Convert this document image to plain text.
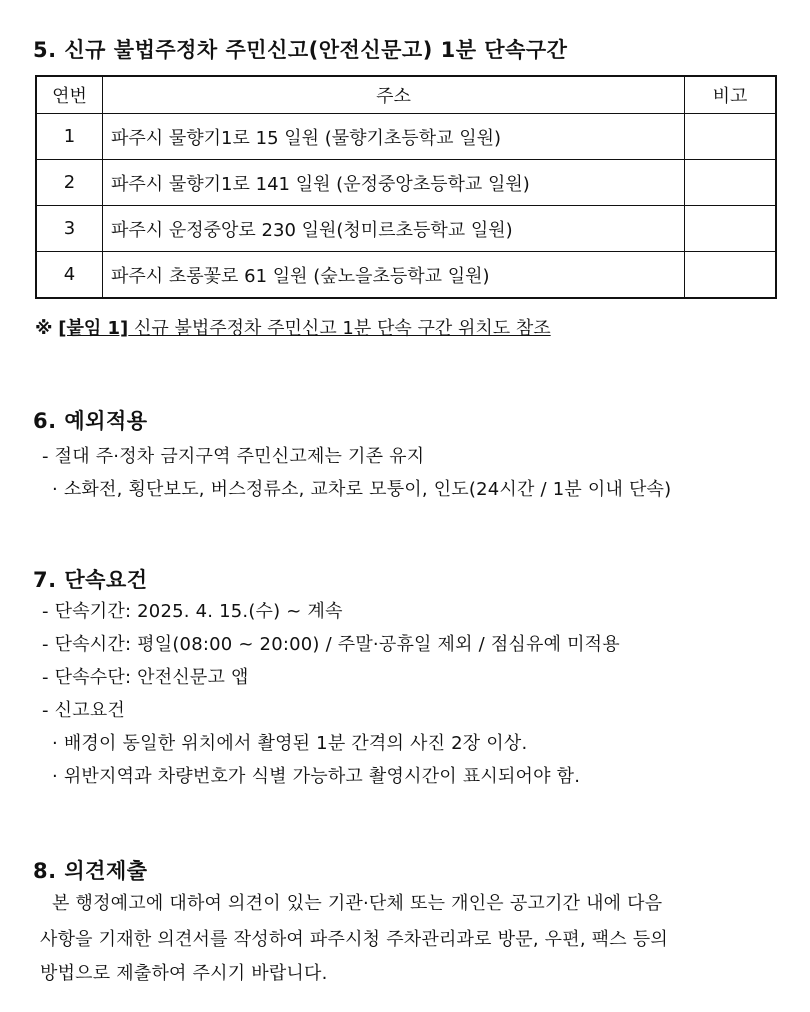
5. 신규 불법주정차 주민신고(안전신문고) 1분 단속구간
연번	주소	비고
1	파주시 물향기1로 15 일원 (물향기초등학교 일원)	
2	파주시 물향기1로 141 일원 (운정중앙초등학교 일원)	
3	파주시 운정중앙로 230 일원(청미르초등학교 일원)	
4	파주시 초롱꽃로 61 일원 (숲노을초등학교 일원)	
※ [붙임 1] 신규 불법주정차 주민신고 1분 단속 구간 위치도 참조
6. 예외적용
- 절대 주·정차 금지구역 주민신고제는 기존 유지
· 소화전, 횡단보도, 버스정류소, 교차로 모퉁이, 인도(24시간 / 1분 이내 단속)
7. 단속요건
- 단속기간: 2025. 4. 15.(수) ~ 계속
- 단속시간: 평일(08:00 ~ 20:00) / 주말·공휴일 제외 / 점심유예 미적용
- 단속수단: 안전신문고 앱
- 신고요건
· 배경이 동일한 위치에서 촬영된 1분 간격의 사진 2장 이상.
· 위반지역과 차량번호가 식별 가능하고 촬영시간이 표시되어야 함.
8. 의견제출
본 행정예고에 대하여 의견이 있는 기관·단체 또는 개인은 공고기간 내에 다음
사항을 기재한 의견서를 작성하여 파주시청 주차관리과로 방문, 우편, 팩스 등의
방법으로 제출하여 주시기 바랍니다.
